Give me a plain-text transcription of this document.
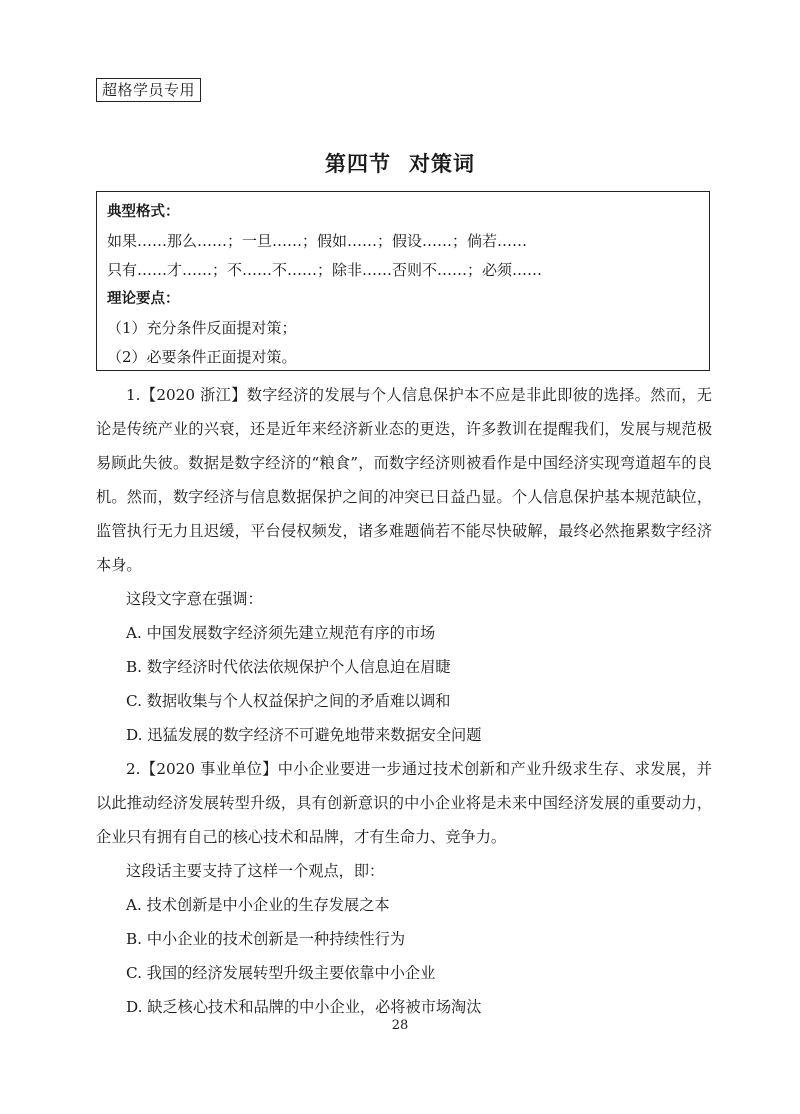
超格学员专用
第四节 对策词
典型格式：
如果……那么……；一旦……；假如……；假设……；倘若……
只有……才……；不……不……；除非……否则不……；必须……
理论要点：
（1）充分条件反面提对策；
（2）必要条件正面提对策。

1.【2020 浙江】数字经济的发展与个人信息保护本不应是非此即彼的选择。然而，无论是传统产业的兴衰，还是近年来经济新业态的更迭，许多教训在提醒我们，发展与规范极易顾此失彼。数据是数字经济的“粮食”，而数字经济则被看作是中国经济实现弯道超车的良机。然而，数字经济与信息数据保护之间的冲突已日益凸显。个人信息保护基本规范缺位，监管执行无力且迟缓，平台侵权频发，诸多难题倘若不能尽快破解，最终必然拖累数字经济本身。

这段文字意在强调：

A. 中国发展数字经济须先建立规范有序的市场

B. 数字经济时代依法依规保护个人信息迫在眉睫

C. 数据收集与个人权益保护之间的矛盾难以调和

D. 迅猛发展的数字经济不可避免地带来数据安全问题

2.【2020 事业单位】中小企业要进一步通过技术创新和产业升级求生存、求发展，并以此推动经济发展转型升级，具有创新意识的中小企业将是未来中国经济发展的重要动力，企业只有拥有自己的核心技术和品牌，才有生命力、竞争力。

这段话主要支持了这样一个观点，即：

A. 技术创新是中小企业的生存发展之本

B. 中小企业的技术创新是一种持续性行为

C. 我国的经济发展转型升级主要依靠中小企业

D. 缺乏核心技术和品牌的中小企业，必将被市场淘汰

28
